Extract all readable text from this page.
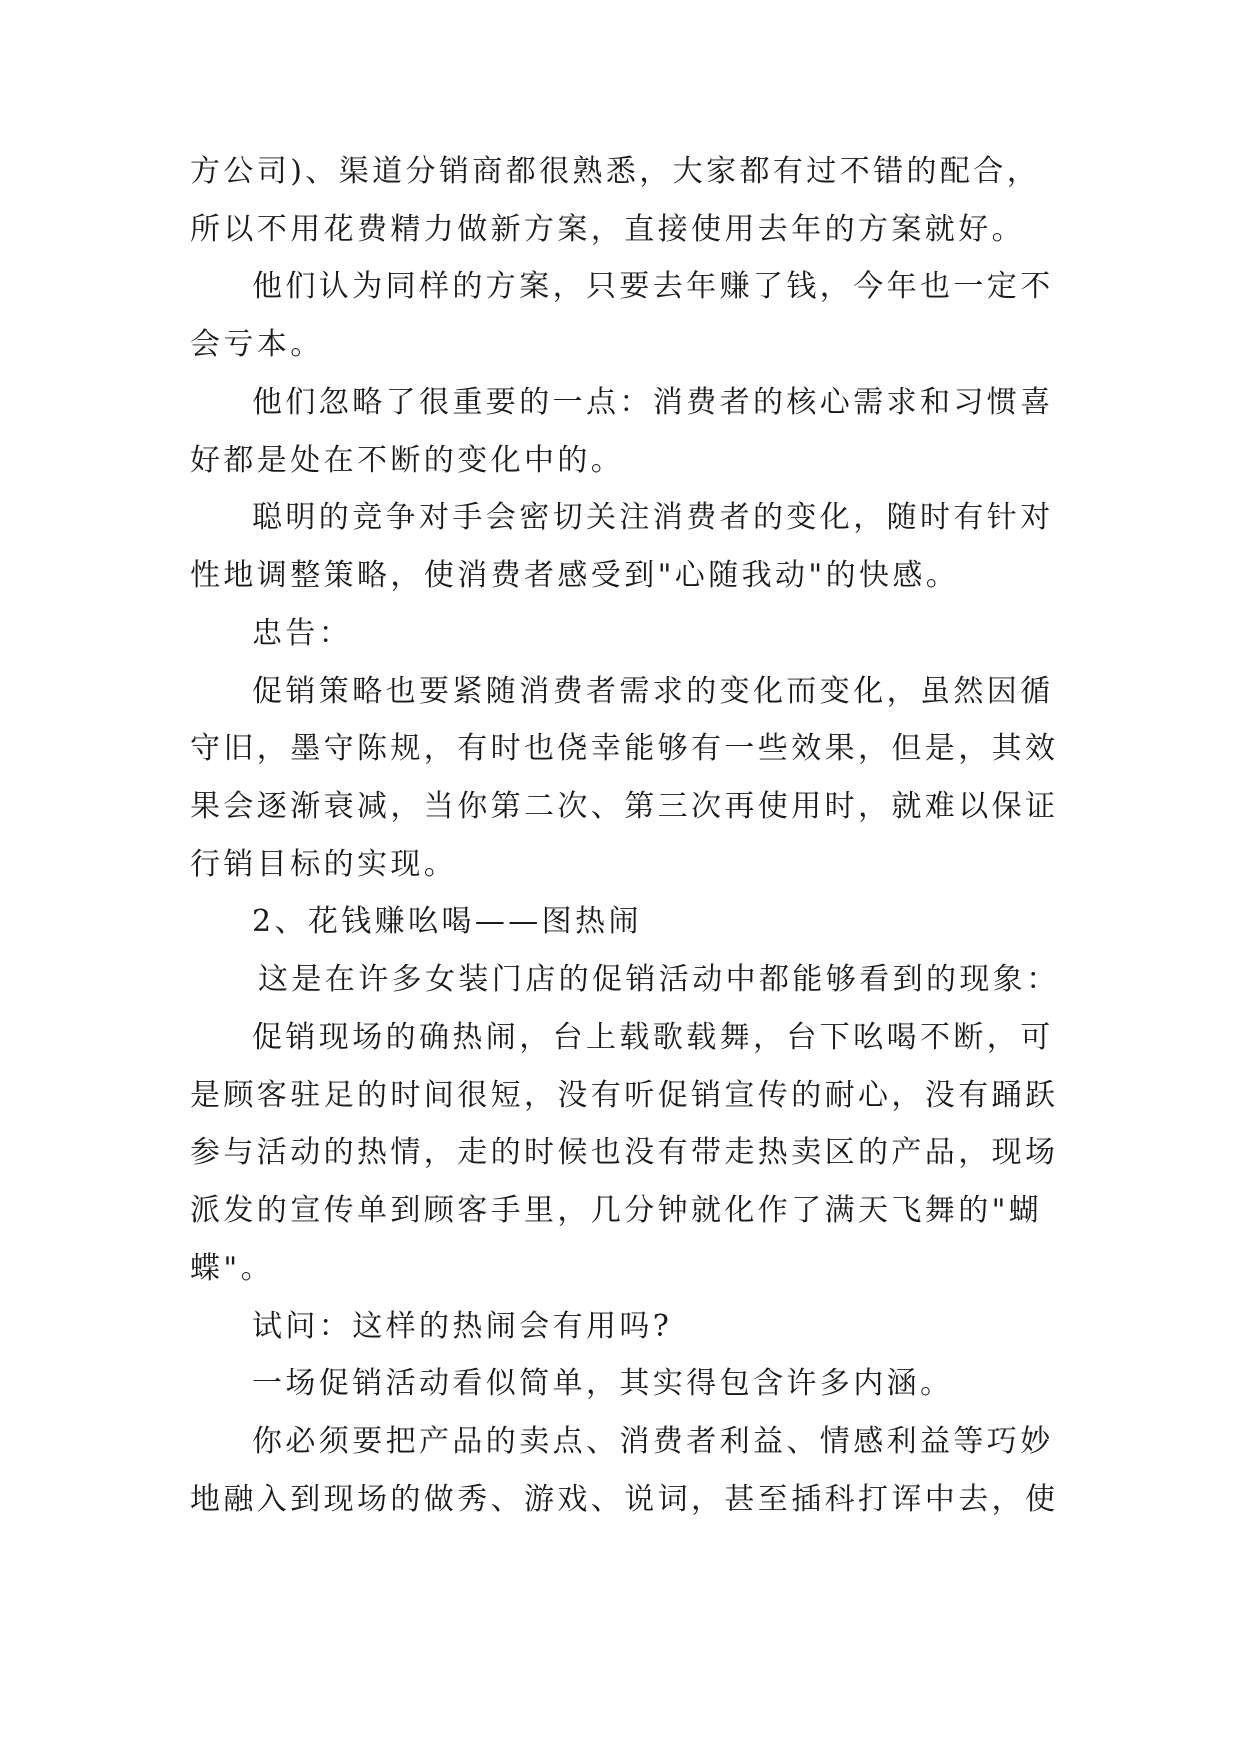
方公司)、渠道分销商都很熟悉，大家都有过不错的配合，
所以不用花费精力做新方案，直接使用去年的方案就好。
他们认为同样的方案，只要去年赚了钱，今年也一定不
会亏本。
他们忽略了很重要的一点：消费者的核心需求和习惯喜
好都是处在不断的变化中的。
聪明的竞争对手会密切关注消费者的变化，随时有针对
性地调整策略，使消费者感受到"心随我动"的快感。
忠告：
促销策略也要紧随消费者需求的变化而变化，虽然因循
守旧，墨守陈规，有时也侥幸能够有一些效果，但是，其效
果会逐渐衰减，当你第二次、第三次再使用时，就难以保证
行销目标的实现。
2、花钱赚吆喝——图热闹
这是在许多女装门店的促销活动中都能够看到的现象：
促销现场的确热闹，台上载歌载舞，台下吆喝不断，可
是顾客驻足的时间很短，没有听促销宣传的耐心，没有踊跃
参与活动的热情，走的时候也没有带走热卖区的产品，现场
派发的宣传单到顾客手里，几分钟就化作了满天飞舞的"蝴
蝶"。
试问：这样的热闹会有用吗?
一场促销活动看似简单，其实得包含许多内涵。
你必须要把产品的卖点、消费者利益、情感利益等巧妙
地融入到现场的做秀、游戏、说词，甚至插科打诨中去，使
